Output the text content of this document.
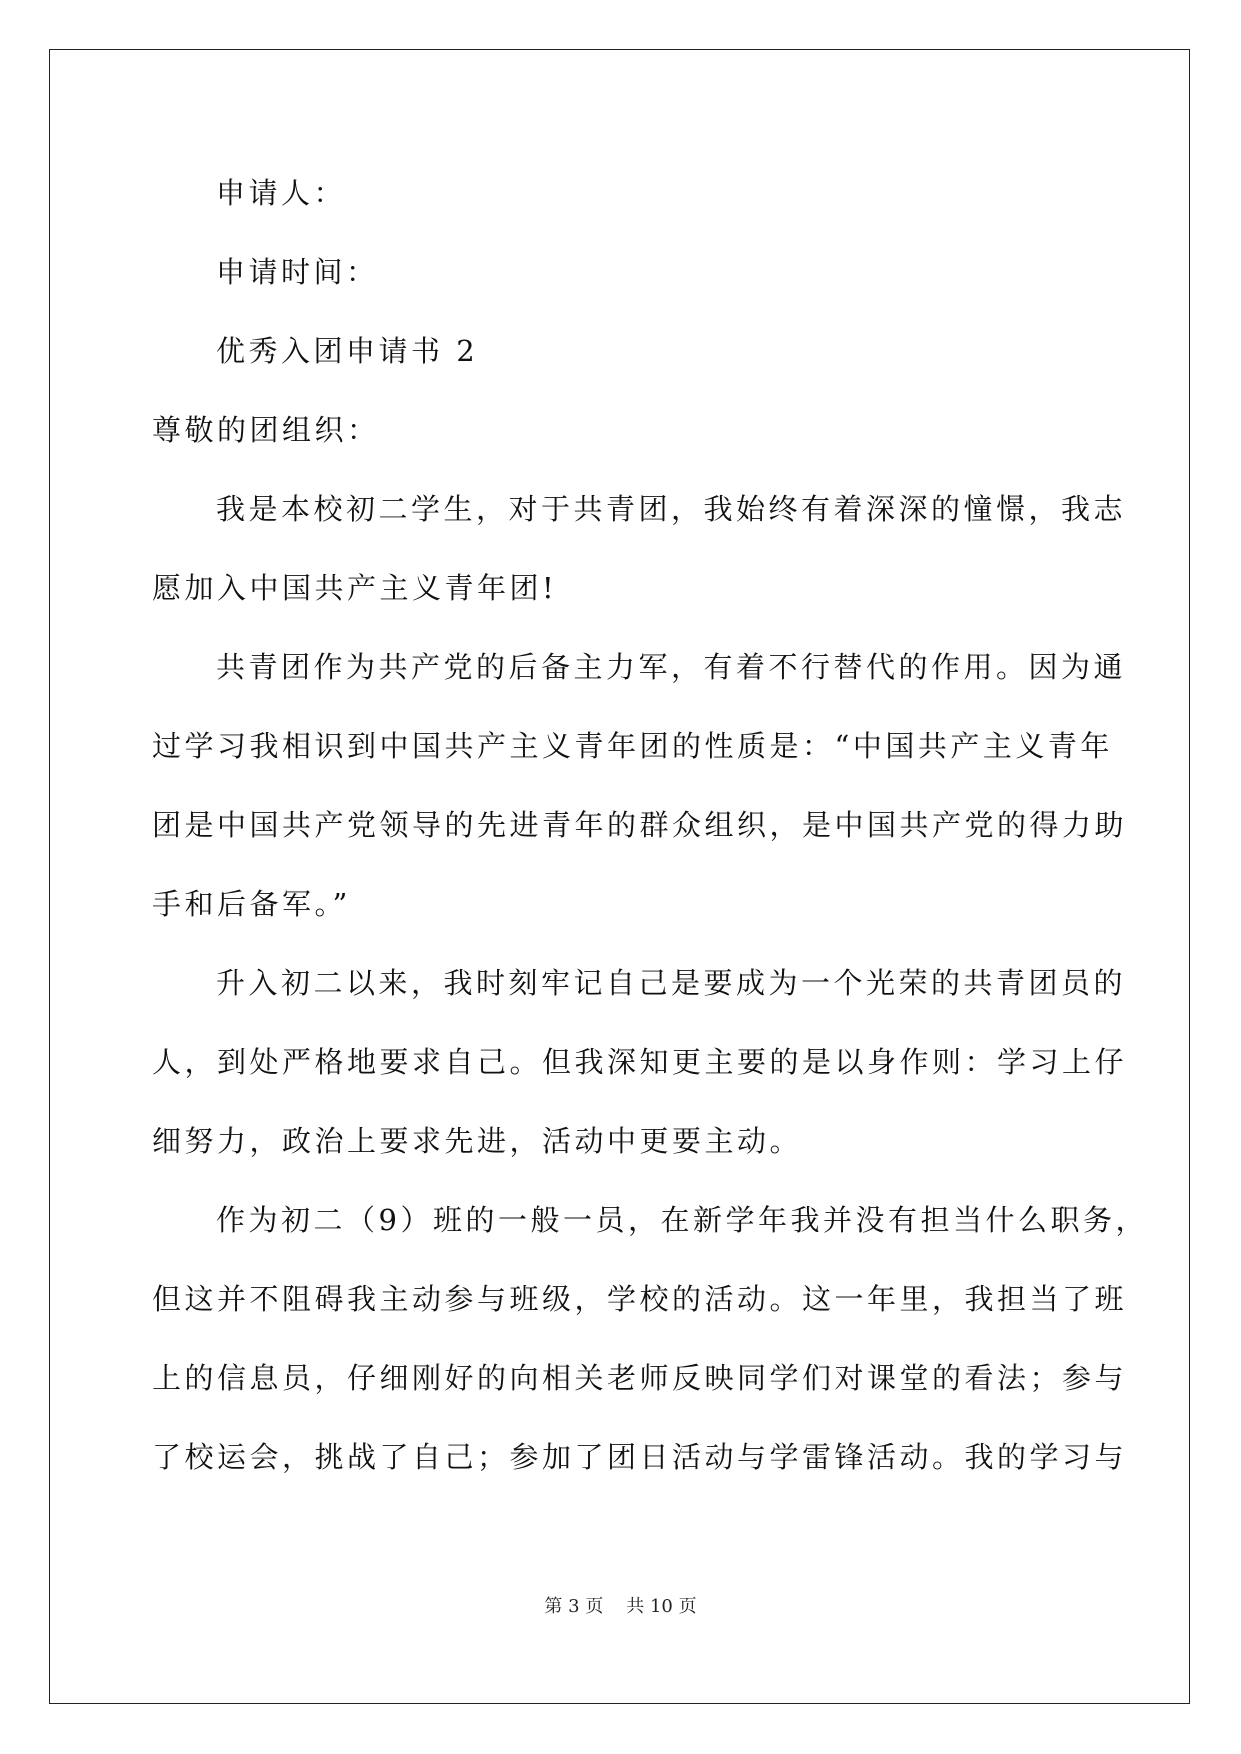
申请人：
申请时间：
优秀入团申请书 2
尊敬的团组织：
我是本校初二学生，对于共青团，我始终有着深深的憧憬，我志
愿加入中国共产主义青年团!
共青团作为共产党的后备主力军，有着不行替代的作用。因为通
过学习我相识到中国共产主义青年团的性质是：“中国共产主义青年
团是中国共产党领导的先进青年的群众组织，是中国共产党的得力助
手和后备军。”
升入初二以来，我时刻牢记自己是要成为一个光荣的共青团员的
人，到处严格地要求自己。但我深知更主要的是以身作则：学习上仔
细努力，政治上要求先进，活动中更要主动。
作为初二（9）班的一般一员，在新学年我并没有担当什么职务，
但这并不阻碍我主动参与班级，学校的活动。这一年里，我担当了班
上的信息员，仔细刚好的向相关老师反映同学们对课堂的看法；参与
了校运会，挑战了自己；参加了团日活动与学雷锋活动。我的学习与
第 3 页 共 10 页
